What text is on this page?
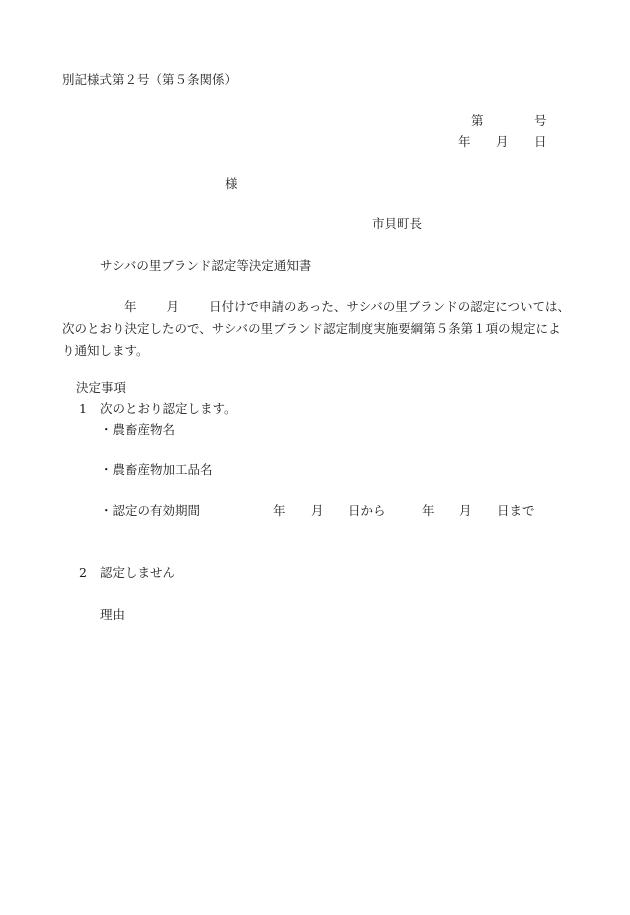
別記様式第２号（第５条関係）
第	号
年 月 日
様
市貝町長
サシバの里ブランド認定等決定通知書
年 月 日付けで申請のあった、サシバの里ブランドの認定については、
次のとおり決定したので、サシバの里ブランド認定制度実施要綱第５条第１項の規定によ
り通知します。
決定事項
1 次のとおり認定します。
・農畜産物名
・農畜産物加工品名
・認定の有効期間	年 月 日から	年 月 日まで
2 認定しません
理由
